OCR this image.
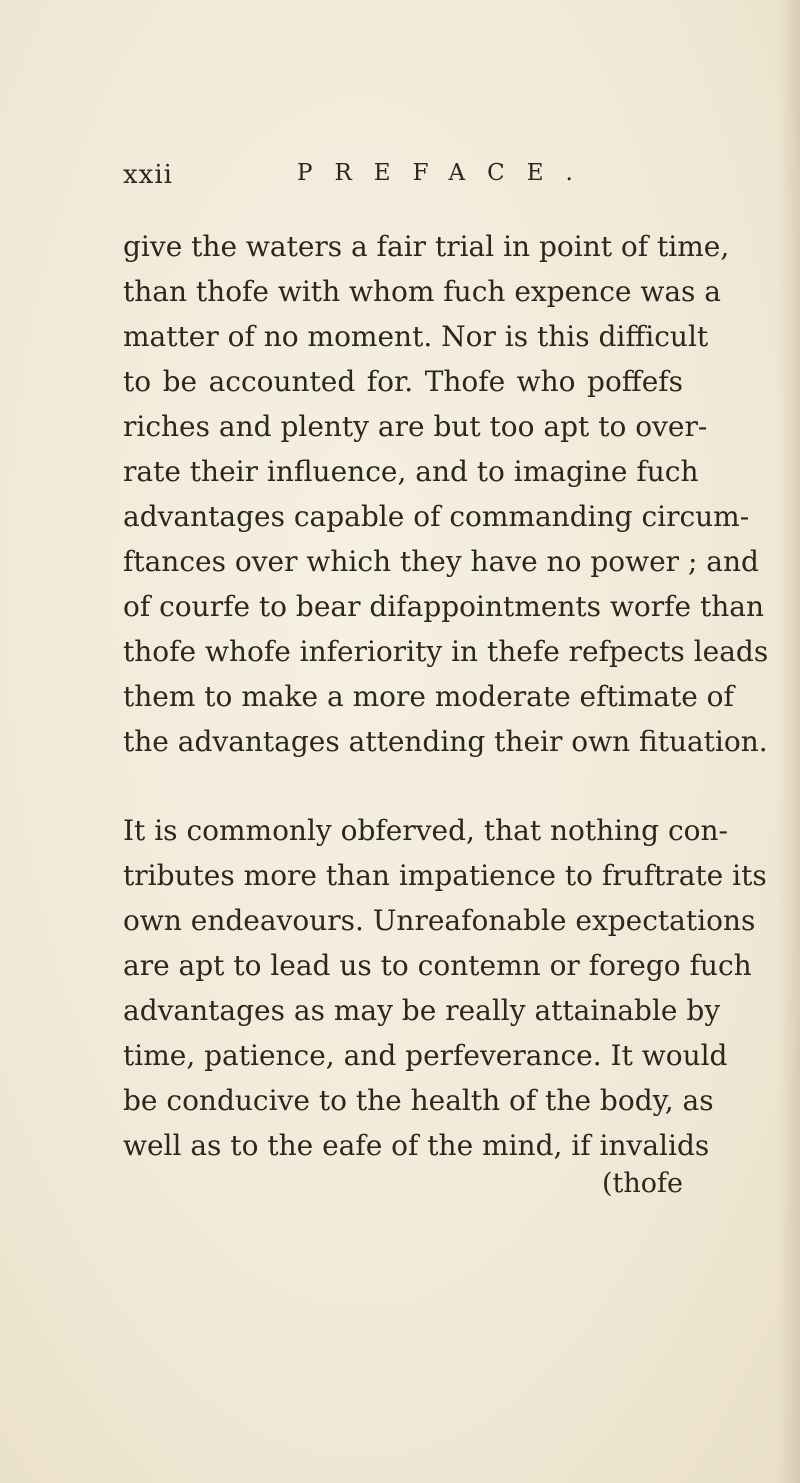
xxii	PREFACE.
give the waters a fair trial in point of time,
than thofe with whom fuch expence was a
matter of no moment. Nor is this difficult
to be accounted for. Thofe who poffefs
riches and plenty are but too apt to over-
rate their influence, and to imagine fuch
advantages capable of commanding circum-
ftances over which they have no power ; and
of courfe to bear difappointments worfe than
thofe whofe inferiority in thefe refpects leads
them to make a more moderate eftimate of
the advantages attending their own fituation.
It is commonly obferved, that nothing con-
tributes more than impatience to fruftrate its
own endeavours. Unreafonable expectations
are apt to lead us to contemn or forego fuch
advantages as may be really attainable by
time, patience, and perfeverance. It would
be conducive to the health of the body, as
well as to the eafe of the mind, if invalids
(thofe
